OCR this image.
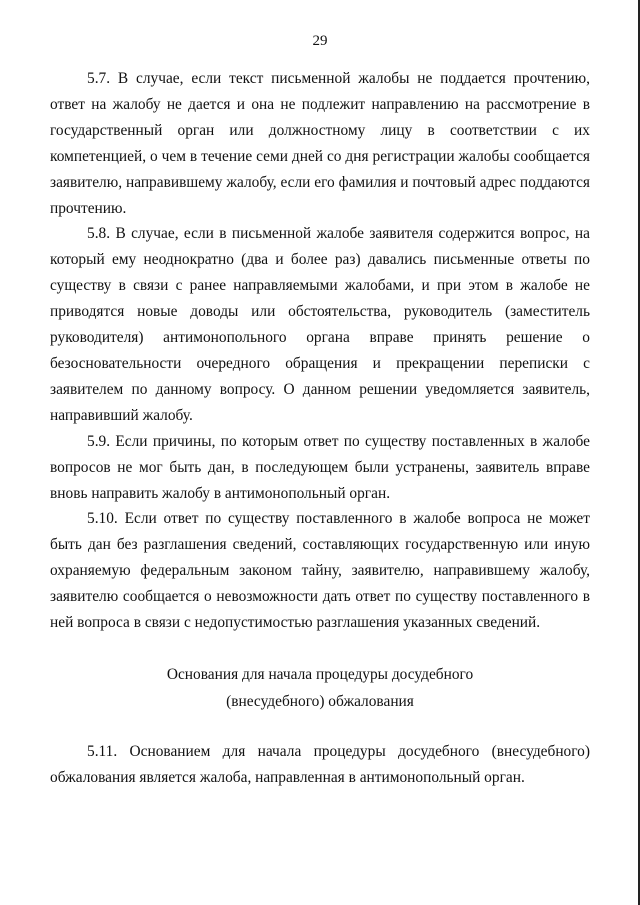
29

5.7. В случае, если текст письменной жалобы не поддается прочтению, ответ на жалобу не дается и она не подлежит направлению на рассмотрение в государственный орган или должностному лицу в соответствии с их компетенцией, о чем в течение семи дней со дня регистрации жалобы сообщается заявителю, направившему жалобу, если его фамилия и почтовый адрес поддаются прочтению.

5.8. В случае, если в письменной жалобе заявителя содержится вопрос, на который ему неоднократно (два и более раз) давались письменные ответы по существу в связи с ранее направляемыми жалобами, и при этом в жалобе не приводятся новые доводы или обстоятельства, руководитель (заместитель руководителя) антимонопольного органа вправе принять решение о безосновательности очередного обращения и прекращении переписки с заявителем по данному вопросу. О данном решении уведомляется заявитель, направивший жалобу.

5.9. Если причины, по которым ответ по существу поставленных в жалобе вопросов не мог быть дан, в последующем были устранены, заявитель вправе вновь направить жалобу в антимонопольный орган.

5.10. Если ответ по существу поставленного в жалобе вопроса не может быть дан без разглашения сведений, составляющих государственную или иную охраняемую федеральным законом тайну, заявителю, направившему жалобу, заявителю сообщается о невозможности дать ответ по существу поставленного в ней вопроса в связи с недопустимостью разглашения указанных сведений.

Основания для начала процедуры досудебного
(внесудебного) обжалования

5.11. Основанием для начала процедуры досудебного (внесудебного) обжалования является жалоба, направленная в антимонопольный орган.
